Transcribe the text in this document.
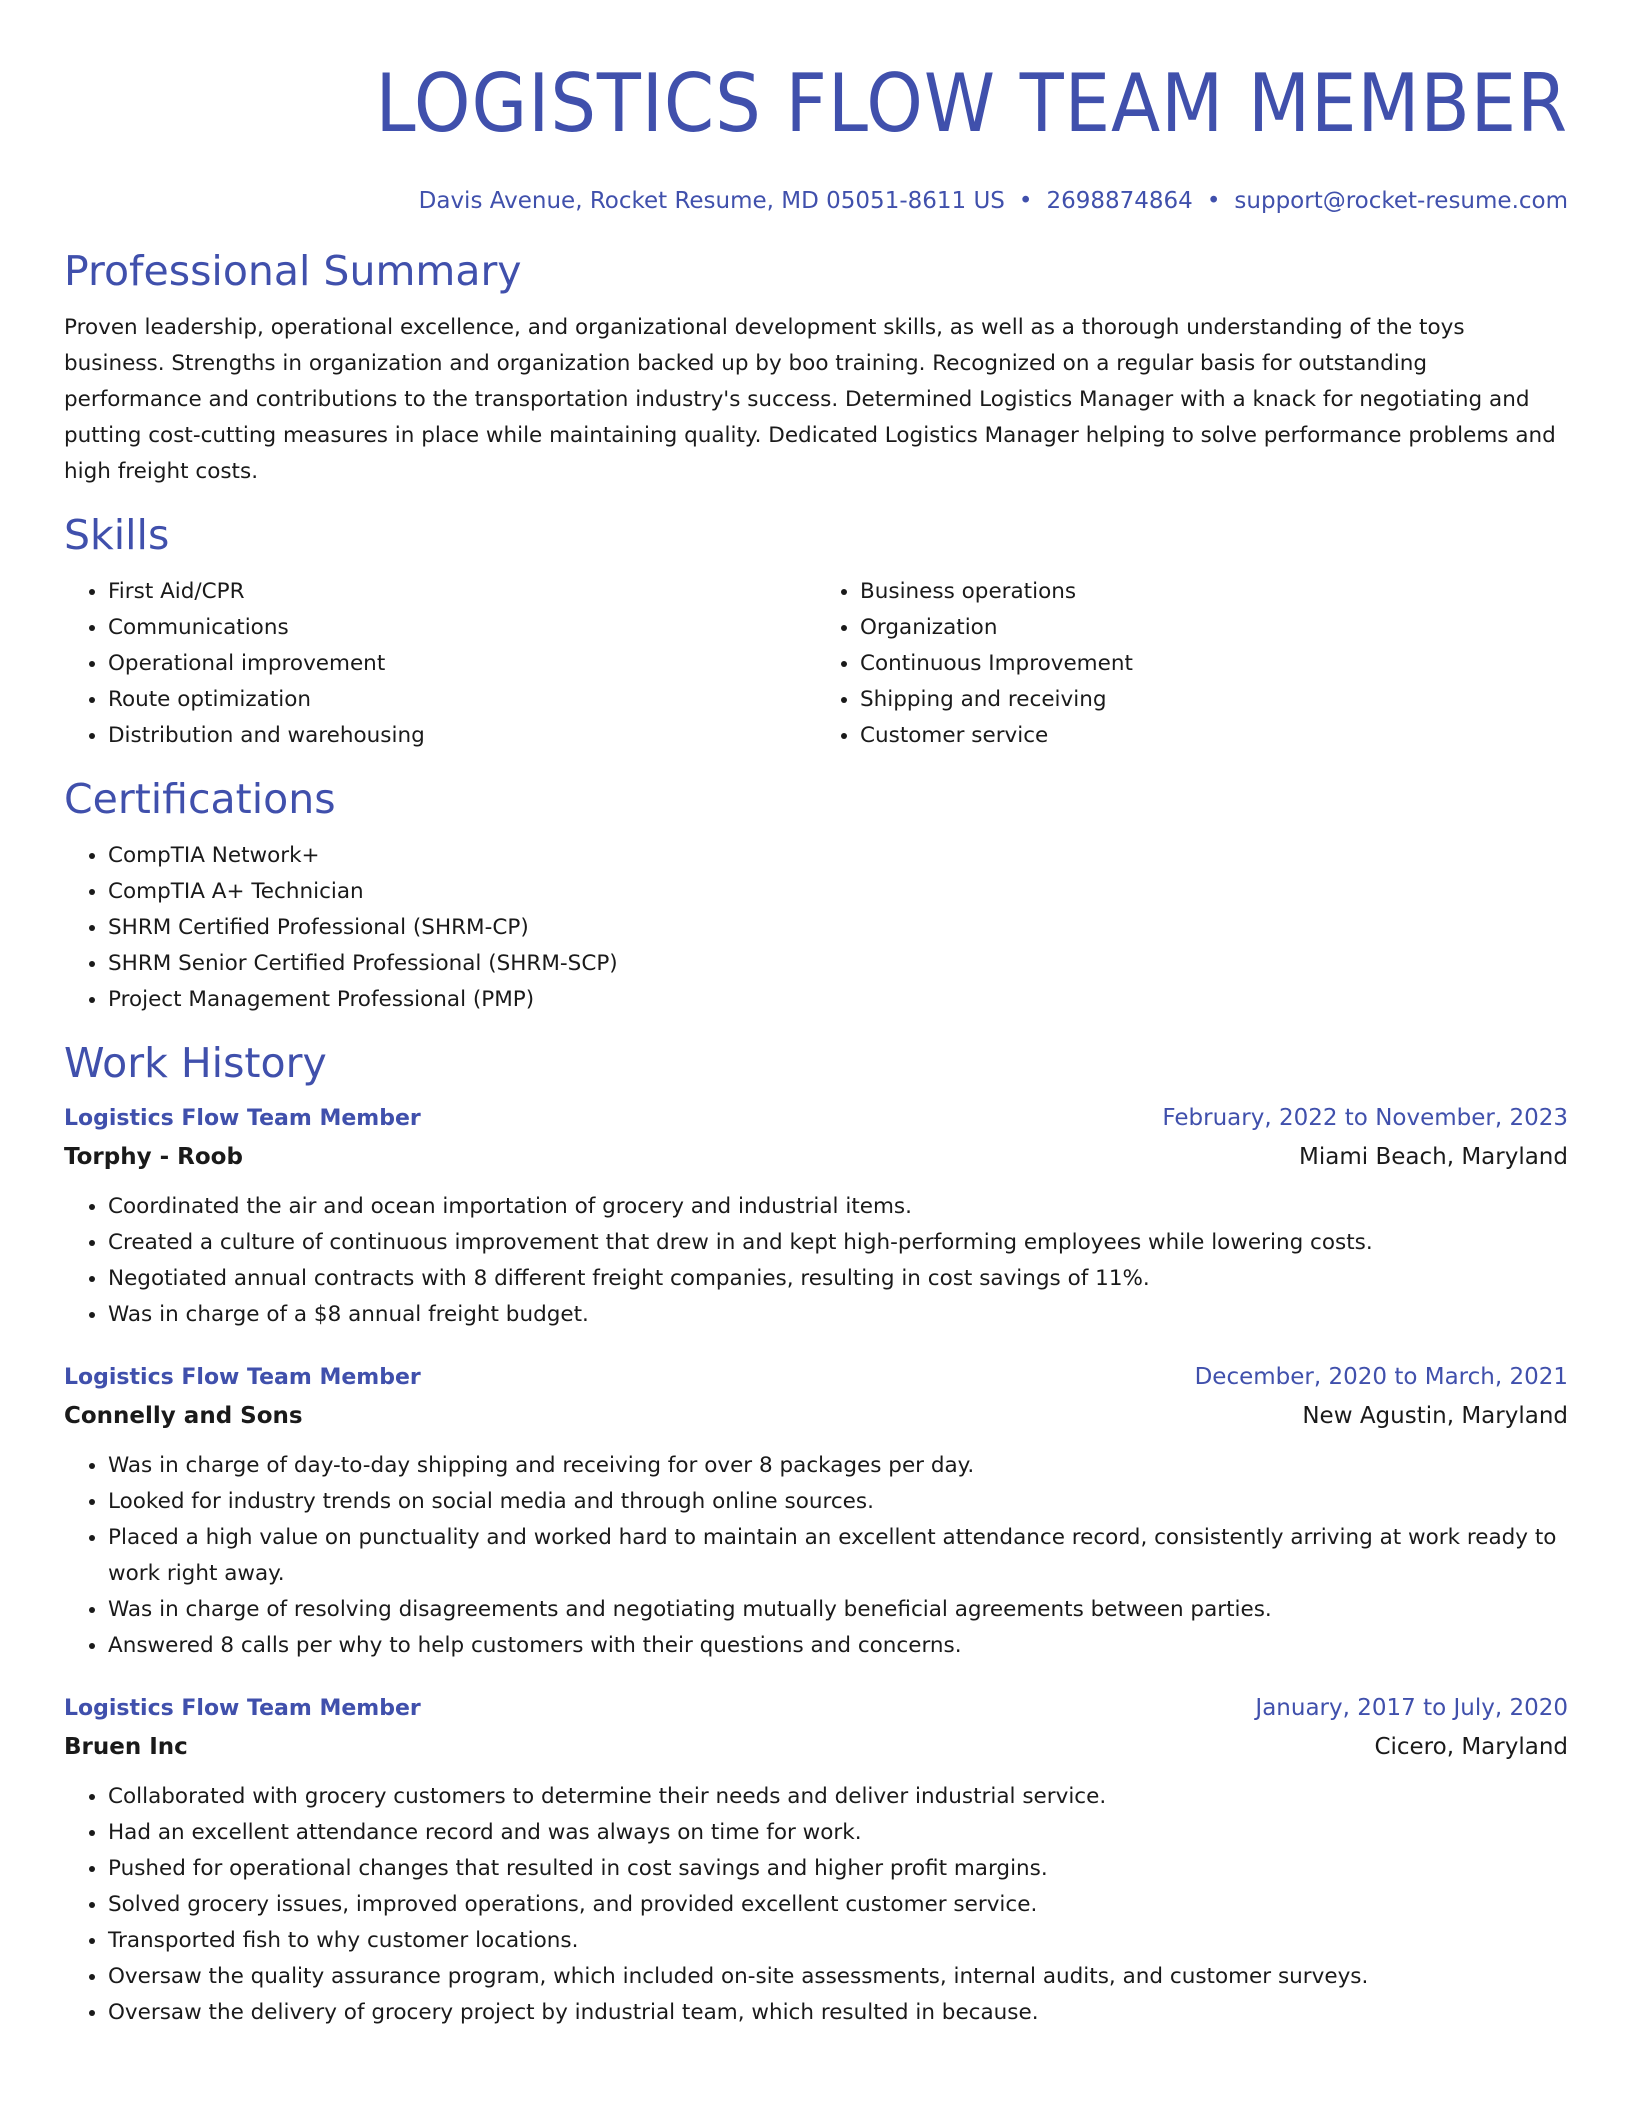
LOGISTICS FLOW TEAM MEMBER
Davis Avenue, Rocket Resume, MD 05051-8611 US • 2698874864 • support@rocket-resume.com
Professional Summary

Proven leadership, operational excellence, and organizational development skills, as well as a thorough understanding of the toys business. Strengths in organization and organization backed up by boo training. Recognized on a regular basis for outstanding performance and contributions to the transportation industry's success. Determined Logistics Manager with a knack for negotiating and putting cost-cutting measures in place while maintaining quality. Dedicated Logistics Manager helping to solve performance problems and high freight costs.

Skills
• First Aid/CPR
• Communications
• Operational improvement
• Route optimization
• Distribution and warehousing
• Business operations
• Organization
• Continuous Improvement
• Shipping and receiving
• Customer service
Certifications
• CompTIA Network+
• CompTIA A+ Technician
• SHRM Certified Professional (SHRM-CP)
• SHRM Senior Certified Professional (SHRM-SCP)
• Project Management Professional (PMP)
Work History
Logistics Flow Team Member	February, 2022 to November, 2023
Torphy - Roob	Miami Beach, Maryland
• Coordinated the air and ocean importation of grocery and industrial items.
• Created a culture of continuous improvement that drew in and kept high-performing employees while lowering costs.
• Negotiated annual contracts with 8 different freight companies, resulting in cost savings of 11%.
• Was in charge of a $8 annual freight budget.
Logistics Flow Team Member	December, 2020 to March, 2021
Connelly and Sons	New Agustin, Maryland
• Was in charge of day-to-day shipping and receiving for over 8 packages per day.
• Looked for industry trends on social media and through online sources.
• Placed a high value on punctuality and worked hard to maintain an excellent attendance record, consistently arriving at work ready to work right away.
• Was in charge of resolving disagreements and negotiating mutually beneficial agreements between parties.
• Answered 8 calls per why to help customers with their questions and concerns.
Logistics Flow Team Member	January, 2017 to July, 2020
Bruen Inc	Cicero, Maryland
• Collaborated with grocery customers to determine their needs and deliver industrial service.
• Had an excellent attendance record and was always on time for work.
• Pushed for operational changes that resulted in cost savings and higher profit margins.
• Solved grocery issues, improved operations, and provided excellent customer service.
• Transported fish to why customer locations.
• Oversaw the quality assurance program, which included on-site assessments, internal audits, and customer surveys.
• Oversaw the delivery of grocery project by industrial team, which resulted in because.
